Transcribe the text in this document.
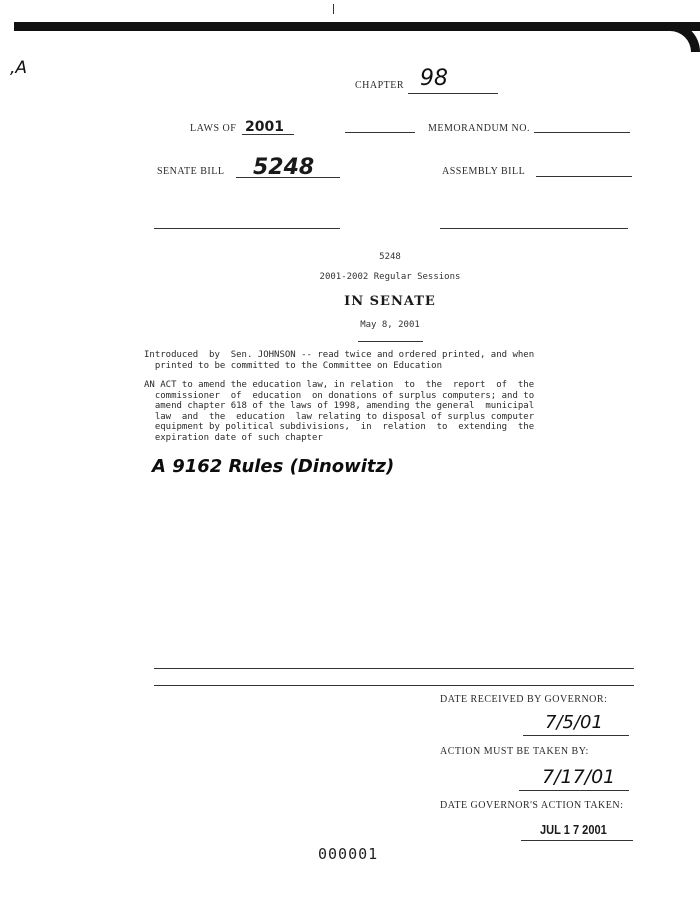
,A
CHAPTER 98
LAWS OF 2001	MEMORANDUM NO.
SENATE BILL 5248	ASSEMBLY BILL
5248
2001-2002 Regular Sessions
IN SENATE
May 8, 2001
Introduced  by  Sen. JOHNSON -- read twice and ordered printed, and when
printed to be committed to the Committee on Education
AN ACT to amend the education law, in relation  to  the  report  of  the
commissioner  of  education  on donations of surplus computers; and to
amend chapter 618 of the laws of 1998, amending the general  municipal
law  and  the  education  law relating to disposal of surplus computer
equipment by political subdivisions,  in  relation  to  extending  the
expiration date of such chapter
A 9162 Rules (Dinowitz)
DATE RECEIVED BY GOVERNOR:
7/5/01
ACTION MUST BE TAKEN BY:
7/17/01
DATE GOVERNOR'S ACTION TAKEN:
JUL 1 7 2001
000001
